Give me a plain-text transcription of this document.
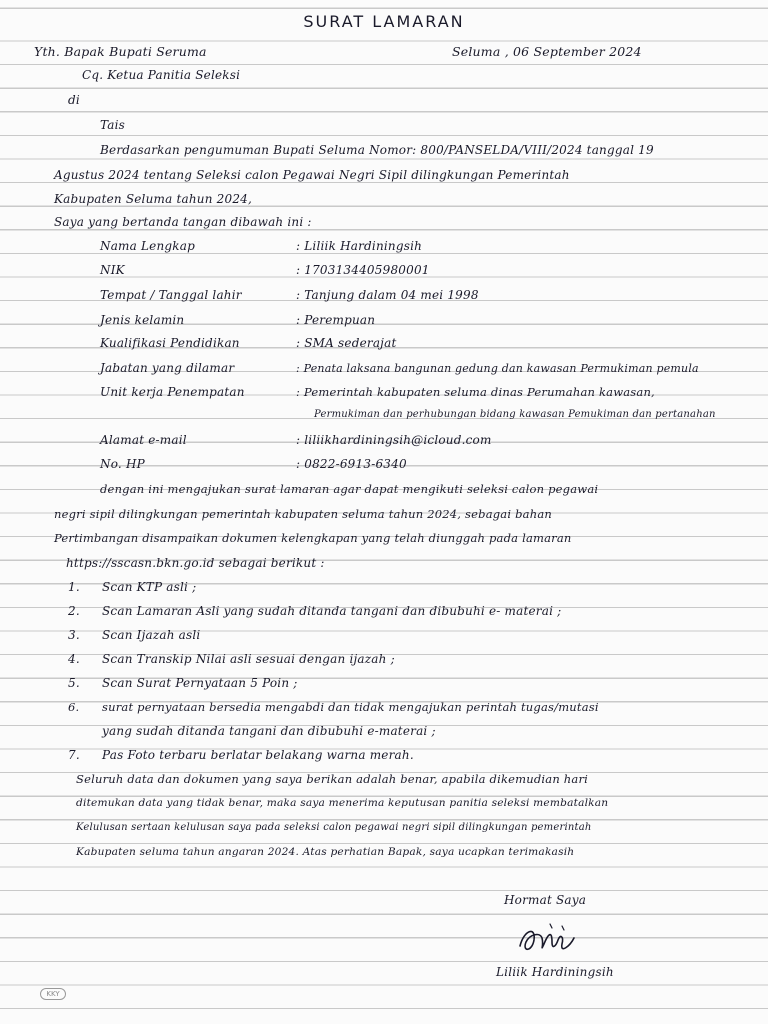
SURAT LAMARAN
Yth. Bapak Bupati Seruma	Seluma , 06 September 2024
Cq. Ketua Panitia Seleksi
di
Tais
Berdasarkan pengumuman Bupati Seluma Nomor: 800/PANSELDA/VIII/2024 tanggal 19
Agustus 2024 tentang Seleksi calon Pegawai Negri Sipil dilingkungan Pemerintah
Kabupaten Seluma tahun 2024,
Saya yang bertanda tangan dibawah ini :
Nama Lengkap	: Liliik Hardiningsih
NIK	: 1703134405980001
Tempat / Tanggal lahir	: Tanjung dalam 04 mei 1998
Jenis kelamin	: Perempuan
Kualifikasi Pendidikan	: SMA sederajat
Jabatan yang dilamar	: Penata laksana bangunan gedung dan kawasan Permukiman pemula
Unit kerja Penempatan	: Pemerintah kabupaten seluma dinas Perumahan kawasan,
Permukiman dan perhubungan bidang kawasan Pemukiman dan pertanahan
Alamat e-mail	: liliikhardiningsih@icloud.com
No. HP	: 0822-6913-6340
dengan ini mengajukan surat lamaran agar dapat mengikuti seleksi calon pegawai
negri sipil dilingkungan pemerintah kabupaten seluma tahun 2024, sebagai bahan
Pertimbangan disampaikan dokumen kelengkapan yang telah diunggah pada lamaran
https://sscasn.bkn.go.id sebagai berikut :
1. Scan KTP asli ;
2. Scan Lamaran Asli yang sudah ditanda tangani dan dibubuhi e- materai ;
3. Scan Ijazah asli
4. Scan Transkip Nilai asli sesuai dengan ijazah ;
5. Scan Surat Pernyataan 5 Poin ;
6. surat pernyataan bersedia mengabdi dan tidak mengajukan perintah tugas/mutasi
yang sudah ditanda tangani dan dibubuhi e-materai ;
7. Pas Foto terbaru berlatar belakang warna merah.
Seluruh data dan dokumen yang saya berikan adalah benar, apabila dikemudian hari
ditemukan data yang tidak benar, maka saya menerima keputusan panitia seleksi membatalkan
Kelulusan sertaan kelulusan saya pada seleksi calon pegawai negri sipil dilingkungan pemerintah
Kabupaten seluma tahun angaran 2024. Atas perhatian Bapak, saya ucapkan terimakasih
Hormat Saya
Liliik Hardiningsih
KKY
